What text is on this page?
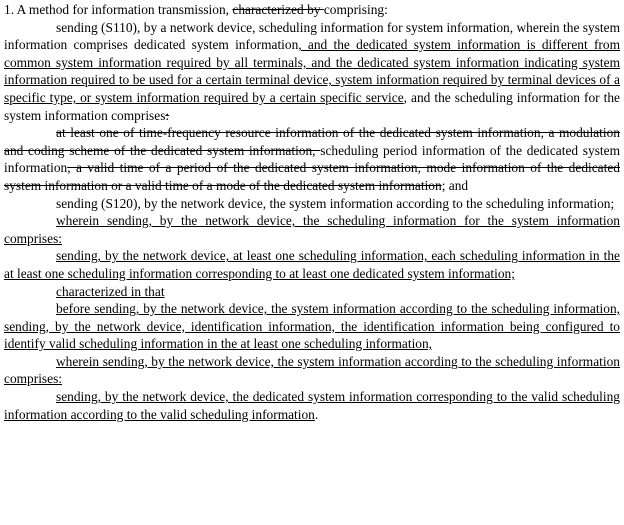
1. A method for information transmission, characterized by comprising:

sending (S110), by a network device, scheduling information for system information, wherein the system information comprises dedicated system information, and the dedicated system information is different from common system information required by all terminals, and the dedicated system information indicating system information required to be used for a certain terminal device, system information required by terminal devices of a specific type, or system information required by a certain specific service, and the scheduling information for the system information comprises:

at least one of time-frequency resource information of the dedicated system information, a modulation and coding scheme of the dedicated system information, scheduling period information of the dedicated system information, a valid time of a period of the dedicated system information, mode information of the dedicated system information or a valid time of a mode of the dedicated system information; and

sending (S120), by the network device, the system information according to the scheduling information;

wherein sending, by the network device, the scheduling information for the system information comprises:

sending, by the network device, at least one scheduling information, each scheduling information in the at least one scheduling information corresponding to at least one dedicated system information;

characterized in that

before sending, by the network device, the system information according to the scheduling information, sending, by the network device, identification information, the identification information being configured to identify valid scheduling information in the at least one scheduling information,

wherein sending, by the network device, the system information according to the scheduling information comprises:

sending, by the network device, the dedicated system information corresponding to the valid scheduling information according to the valid scheduling information.
